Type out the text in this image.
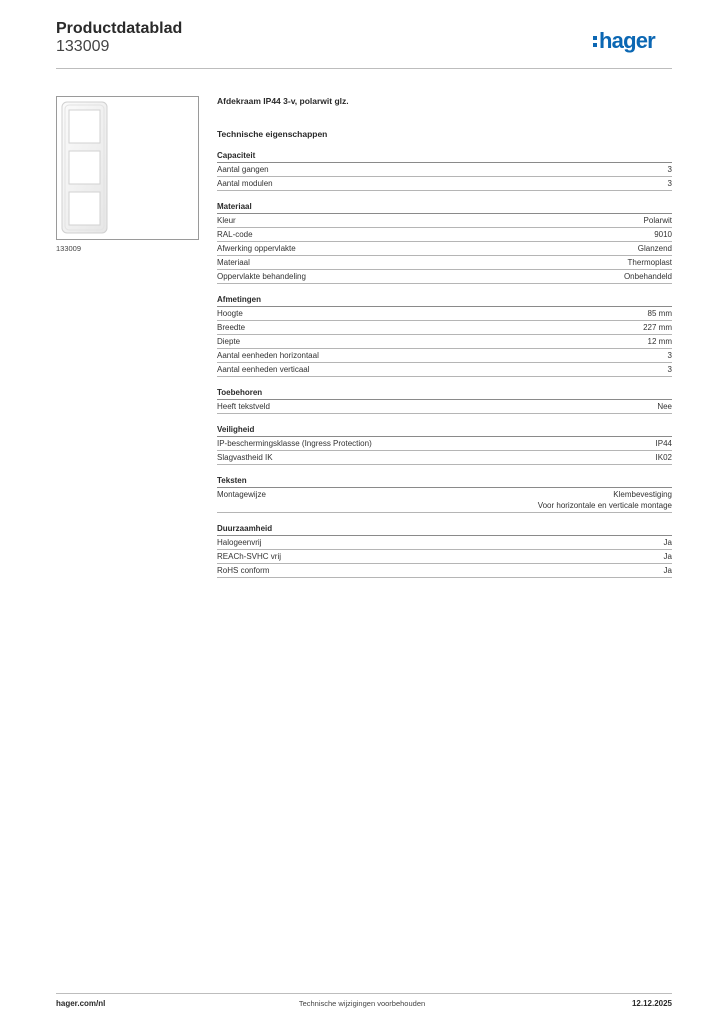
Productdatablad
133009	hager
133009
Afdekraam IP44 3-v, polarwit glz.
Technische eigenschappen
Capaciteit
Aantal gangen	3
Aantal modulen	3
Materiaal
Kleur	Polarwit
RAL-code	9010
Afwerking oppervlakte	Glanzend
Materiaal	Thermoplast
Oppervlakte behandeling	Onbehandeld
Afmetingen
Hoogte	85 mm
Breedte	227 mm
Diepte	12 mm
Aantal eenheden horizontaal	3
Aantal eenheden verticaal	3
Toebehoren
Heeft tekstveld	Nee
Veiligheid
IP-beschermingsklasse (Ingress Protection)	IP44
Slagvastheid IK	IK02
Teksten
Montagewijze	Klembevestiging
Voor horizontale en verticale montage
Duurzaamheid
Halogeenvrij	Ja
REACh-SVHC vrij	Ja
RoHS conform	Ja
hager.com/nl	Technische wijzigingen voorbehouden	12.12.2025
